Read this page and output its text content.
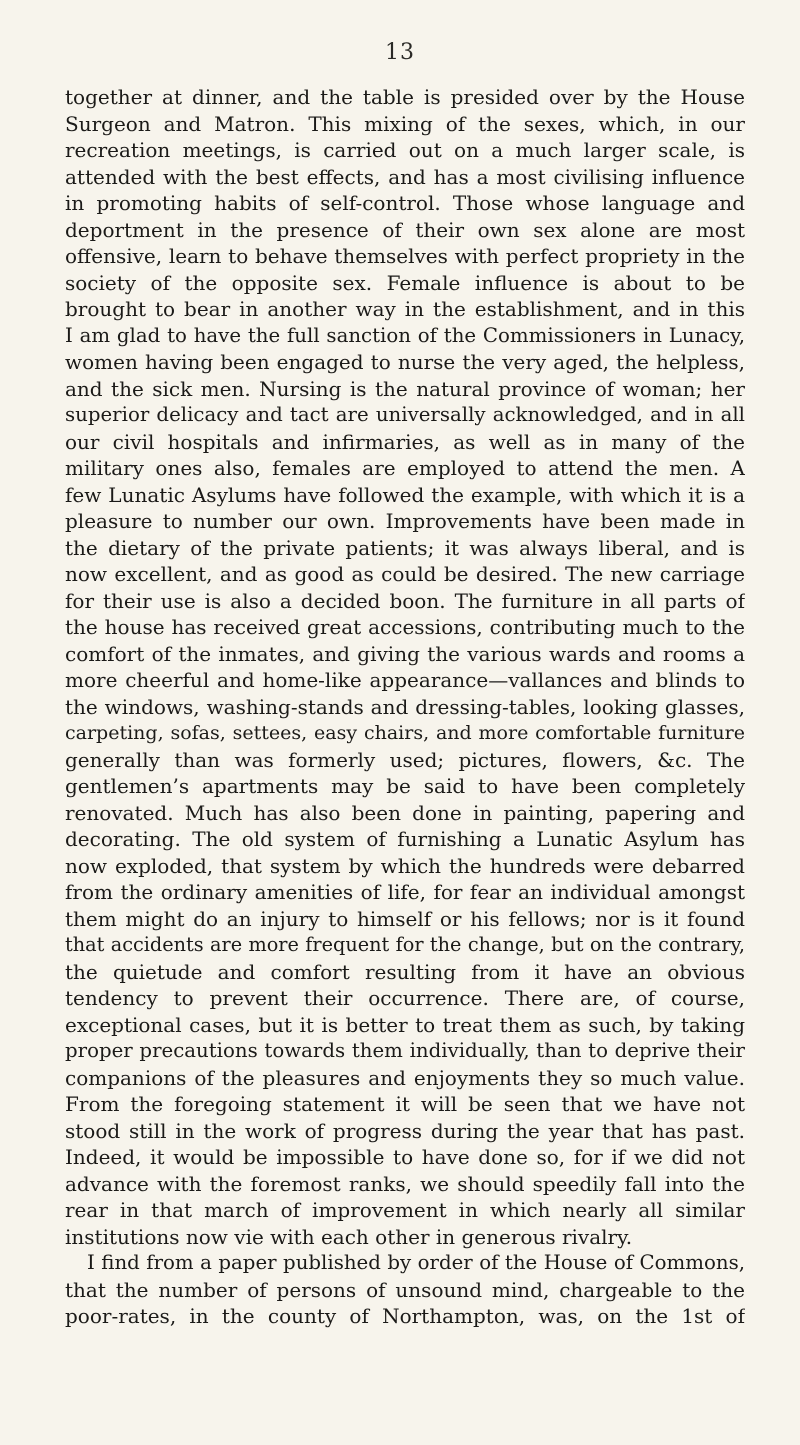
13
together at dinner, and the table is presided over by the House
Surgeon and Matron. This mixing of the sexes, which, in our
recreation meetings, is carried out on a much larger scale, is
attended with the best effects, and has a most civilising influence
in promoting habits of self-control. Those whose language and
deportment in the presence of their own sex alone are most
offensive, learn to behave themselves with perfect propriety in the
society of the opposite sex. Female influence is about to be
brought to bear in another way in the establishment, and in this
I am glad to have the full sanction of the Commissioners in Lunacy,
women having been engaged to nurse the very aged, the helpless,
and the sick men. Nursing is the natural province of woman; her
superior delicacy and tact are universally acknowledged, and in all
our civil hospitals and infirmaries, as well as in many of the
military ones also, females are employed to attend the men. A
few Lunatic Asylums have followed the example, with which it is a
pleasure to number our own. Improvements have been made in
the dietary of the private patients; it was always liberal, and is
now excellent, and as good as could be desired. The new carriage
for their use is also a decided boon. The furniture in all parts of
the house has received great accessions, contributing much to the
comfort of the inmates, and giving the various wards and rooms a
more cheerful and home-like appearance—vallances and blinds to
the windows, washing-stands and dressing-tables, looking glasses,
carpeting, sofas, settees, easy chairs, and more comfortable furniture
generally than was formerly used; pictures, flowers, &c. The
gentlemen’s apartments may be said to have been completely
renovated. Much has also been done in painting, papering and
decorating. The old system of furnishing a Lunatic Asylum has
now exploded, that system by which the hundreds were debarred
from the ordinary amenities of life, for fear an individual amongst
them might do an injury to himself or his fellows; nor is it found
that accidents are more frequent for the change, but on the contrary,
the quietude and comfort resulting from it have an obvious
tendency to prevent their occurrence. There are, of course,
exceptional cases, but it is better to treat them as such, by taking
proper precautions towards them individually, than to deprive their
companions of the pleasures and enjoyments they so much value.
From the foregoing statement it will be seen that we have not
stood still in the work of progress during the year that has past.
Indeed, it would be impossible to have done so, for if we did not
advance with the foremost ranks, we should speedily fall into the
rear in that march of improvement in which nearly all similar
institutions now vie with each other in generous rivalry.
I find from a paper published by order of the House of Commons,
that the number of persons of unsound mind, chargeable to the
poor-rates, in the county of Northampton, was, on the 1st of
